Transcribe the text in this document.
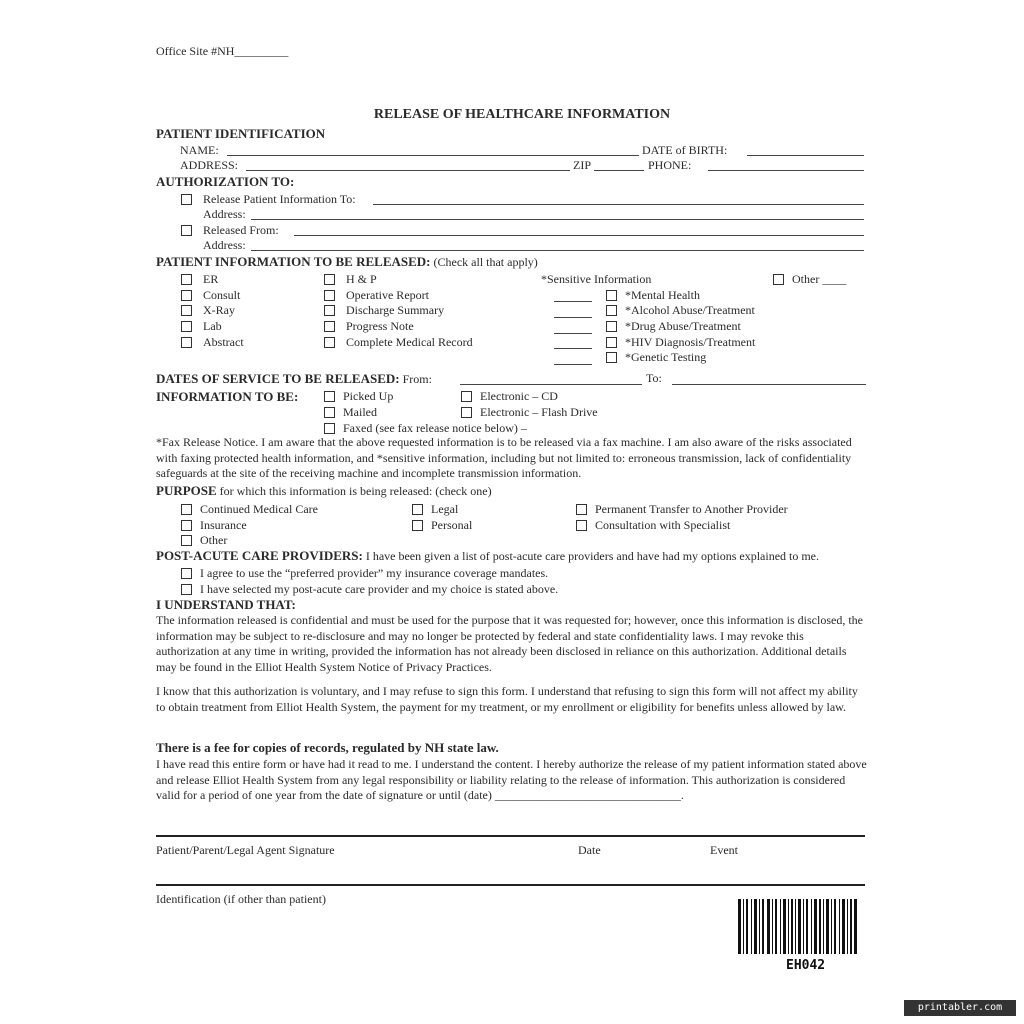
Office Site #NH_________
RELEASE OF HEALTHCARE INFORMATION
PATIENT IDENTIFICATION
NAME:	DATE of BIRTH:
ADDRESS:	ZIP	PHONE:
AUTHORIZATION TO:
Release Patient Information To:
Address:
Released From:
Address:
PATIENT INFORMATION TO BE RELEASED: (Check all that apply)
ER
Consult
X-Ray
Lab
Abstract
H & P
Operative Report
Discharge Summary
Progress Note
Complete Medical Record
*Sensitive Information
*Mental Health
*Alcohol Abuse/Treatment
*Drug Abuse/Treatment
*HIV Diagnosis/Treatment
*Genetic Testing
Other ____
DATES OF SERVICE TO BE RELEASED: From:	To:
INFORMATION TO BE:	Picked Up
Mailed
Faxed (see fax release notice below) –
Electronic – CD
Electronic – Flash Drive
*Fax Release Notice. I am aware that the above requested information is to be released via a fax machine. I am also aware of the risks associated with faxing protected health information, and *sensitive information, including but not limited to: erroneous transmission, lack of confidentiality safeguards at the site of the receiving machine and incomplete transmission information.
PURPOSE for which this information is being released: (check one)
Continued Medical Care
Insurance
Other
Legal
Personal
Permanent Transfer to Another Provider
Consultation with Specialist
POST-ACUTE CARE PROVIDERS: I have been given a list of post-acute care providers and have had my options explained to me.
I agree to use the “preferred provider” my insurance coverage mandates.
I have selected my post-acute care provider and my choice is stated above.
I UNDERSTAND THAT:
The information released is confidential and must be used for the purpose that it was requested for; however, once this information is disclosed, the information may be subject to re-disclosure and may no longer be protected by federal and state confidentiality laws. I may revoke this authorization at any time in writing, provided the information has not already been disclosed in reliance on this authorization. Additional details may be found in the Elliot Health System Notice of Privacy Practices.
I know that this authorization is voluntary, and I may refuse to sign this form. I understand that refusing to sign this form will not affect my ability to obtain treatment from Elliot Health System, the payment for my treatment, or my enrollment or eligibility for benefits unless allowed by law.
There is a fee for copies of records, regulated by NH state law.
I have read this entire form or have had it read to me. I understand the content. I hereby authorize the release of my patient information stated above and release Elliot Health System from any legal responsibility or liability relating to the release of information. This authorization is considered valid for a period of one year from the date of signature or until (date) _______________________________.
Patient/Parent/Legal Agent Signature	Date	Event
Identification (if other than patient)
EH042
printabler.com
